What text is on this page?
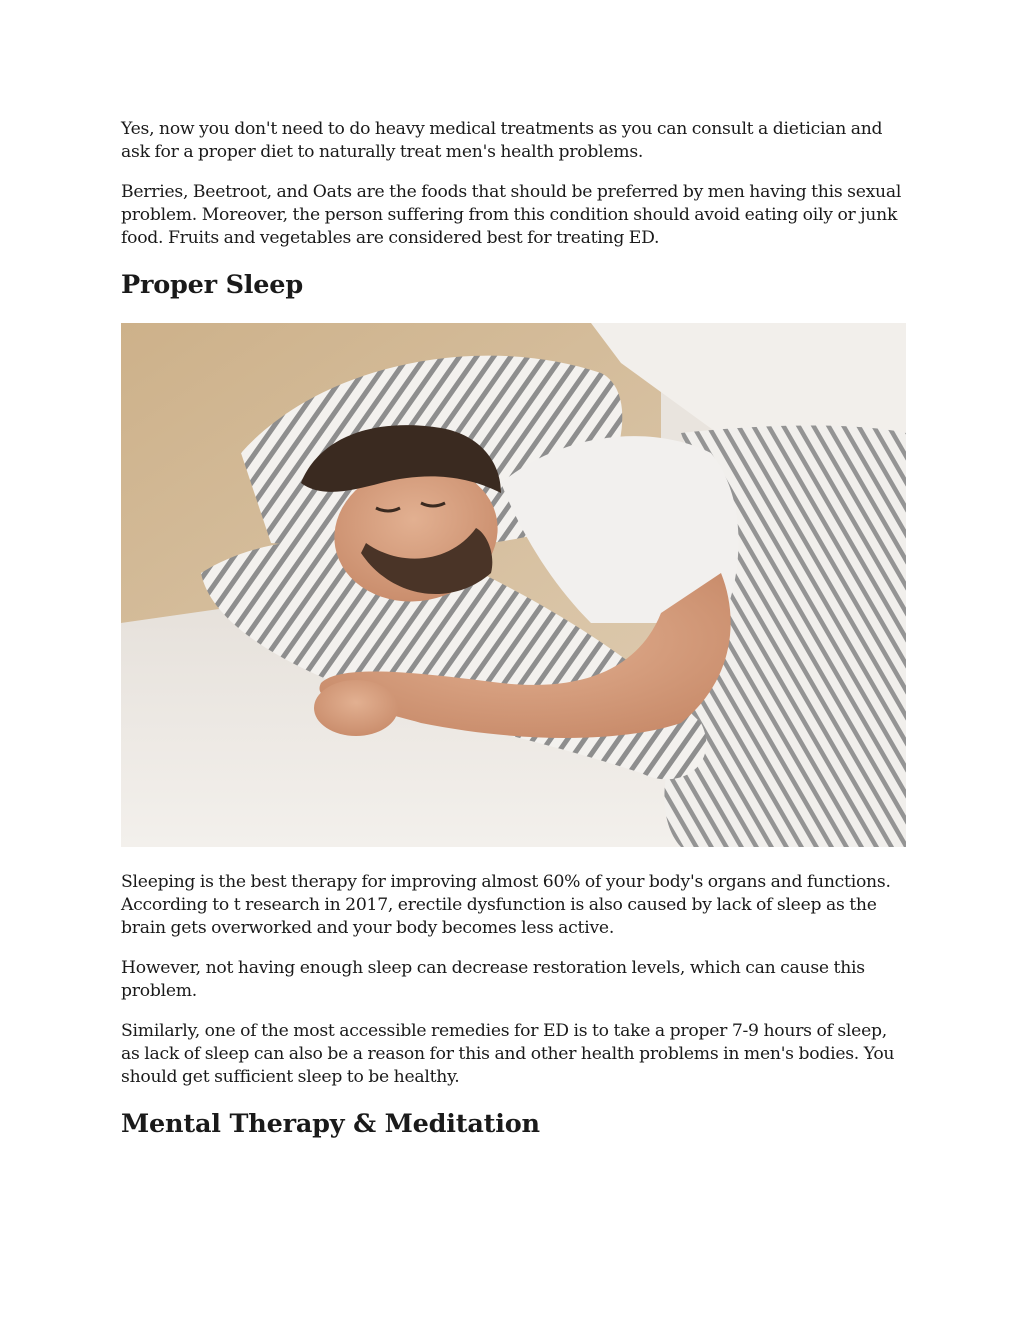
Yes, now you don't need to do heavy medical treatments as you can consult a dietician and ask for a proper diet to naturally treat men's health problems.

Berries, Beetroot, and Oats are the foods that should be preferred by men having this sexual problem. Moreover, the person suffering from this condition should avoid eating oily or junk food. Fruits and vegetables are considered best for treating ED.

Proper Sleep

Sleeping is the best therapy for improving almost 60% of your body's organs and functions. According to t research in 2017, erectile dysfunction is also caused by lack of sleep as the brain gets overworked and your body becomes less active.

However, not having enough sleep can decrease restoration levels, which can cause this problem.

Similarly, one of the most accessible remedies for ED is to take a proper 7-9 hours of sleep, as lack of sleep can also be a reason for this and other health problems in men's bodies. You should get sufficient sleep to be healthy.

Mental Therapy & Meditation
